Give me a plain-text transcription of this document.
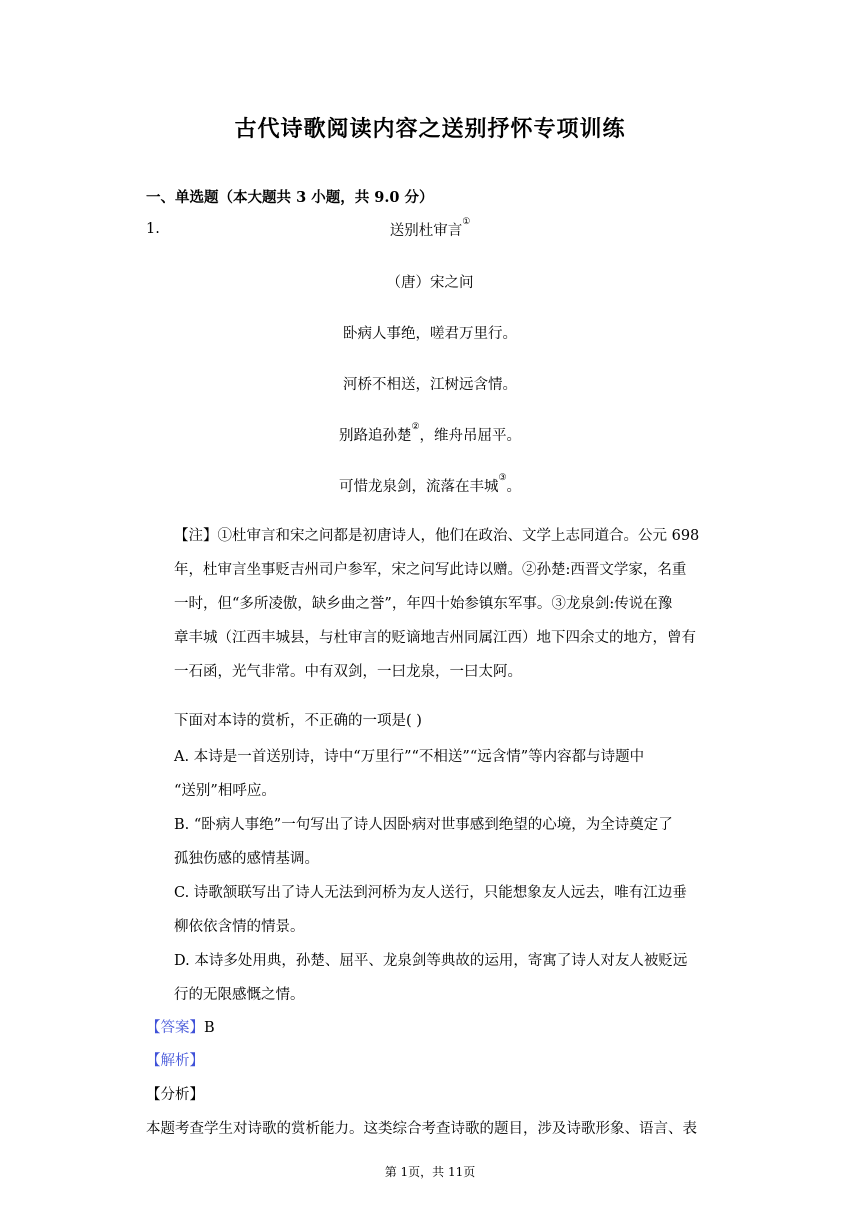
古代诗歌阅读内容之送别抒怀专项训练
一、单选题（本大题共 3 小题，共 9.0 分）
1.	送别杜审言①
（唐）宋之问
卧病人事绝，嗟君万里行。
河桥不相送，江树远含情。
别路追孙楚②，维舟吊屈平。
可惜龙泉剑，流落在丰城③。
【注】①杜审言和宋之问都是初唐诗人，他们在政治、文学上志同道合。公元 698
年，杜审言坐事贬吉州司户参军，宋之问写此诗以赠。②孙楚:西晋文学家，名重
一时，但“多所凌傲，缺乡曲之誉”，年四十始参镇东军事。③龙泉剑:传说在豫
章丰城（江西丰城县，与杜审言的贬谪地吉州同属江西）地下四余丈的地方，曾有
一石函，光气非常。中有双剑，一曰龙泉，一曰太阿。
下面对本诗的赏析，不正确的一项是( )
A. 本诗是一首送别诗，诗中“万里行”“不相送”“远含情”等内容都与诗题中
“送别”相呼应。
B. “卧病人事绝”一句写出了诗人因卧病对世事感到绝望的心境，为全诗奠定了
孤独伤感的感情基调。
C. 诗歌颔联写出了诗人无法到河桥为友人送行，只能想象友人远去，唯有江边垂
柳依依含情的情景。
D. 本诗多处用典，孙楚、屈平、龙泉剑等典故的运用，寄寓了诗人对友人被贬远
行的无限感慨之情。
【答案】B
【解析】
【分析】
本题考查学生对诗歌的赏析能力。这类综合考查诗歌的题目，涉及诗歌形象、语言、表
第 1页，共 11页
